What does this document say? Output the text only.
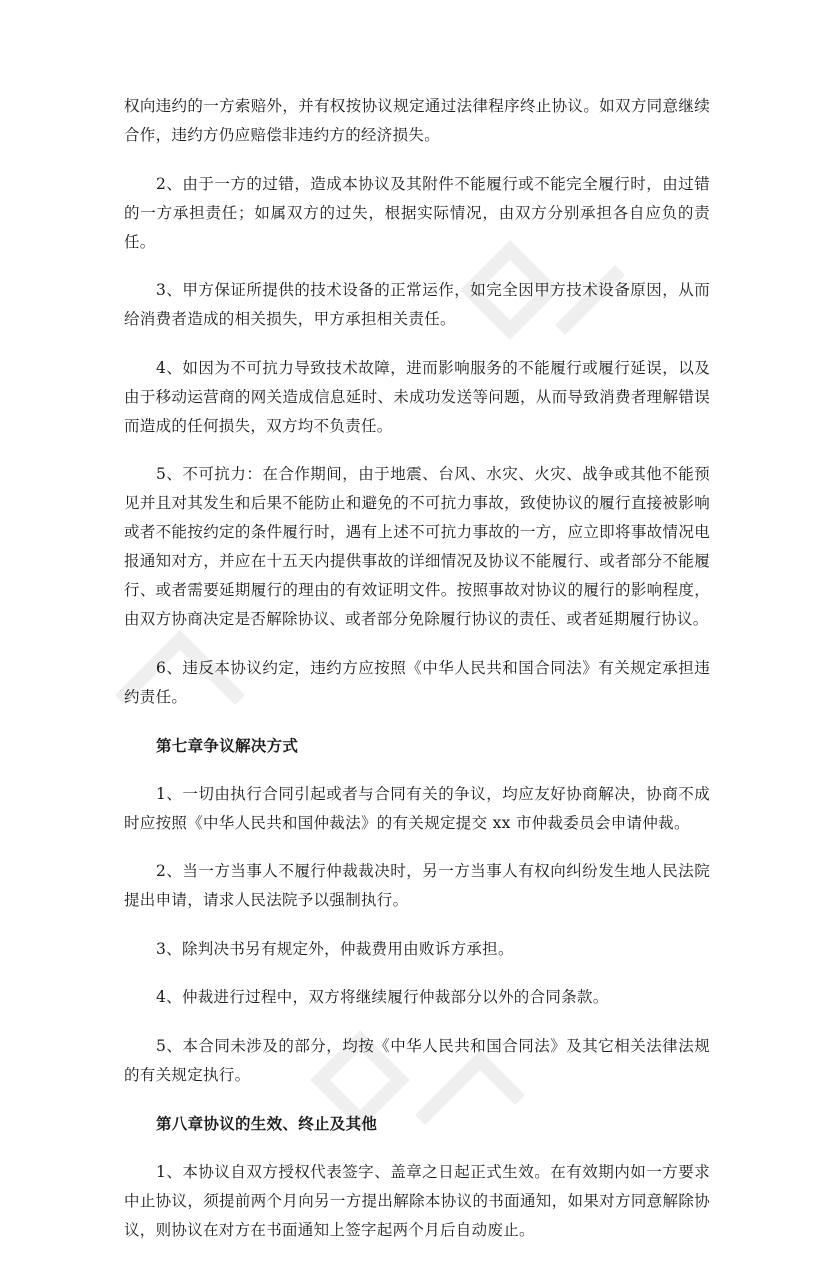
权向违约的一方索赔外，并有权按协议规定通过法律程序终止协议。如双方同意继续合作，违约方仍应赔偿非违约方的经济损失。

2、由于一方的过错，造成本协议及其附件不能履行或不能完全履行时，由过错的一方承担责任；如属双方的过失，根据实际情况，由双方分别承担各自应负的责任。

3、甲方保证所提供的技术设备的正常运作，如完全因甲方技术设备原因，从而给消费者造成的相关损失，甲方承担相关责任。

4、如因为不可抗力导致技术故障，进而影响服务的不能履行或履行延误，以及由于移动运营商的网关造成信息延时、未成功发送等问题，从而导致消费者理解错误而造成的任何损失，双方均不负责任。

5、不可抗力：在合作期间，由于地震、台风、水灾、火灾、战争或其他不能预见并且对其发生和后果不能防止和避免的不可抗力事故，致使协议的履行直接被影响或者不能按约定的条件履行时，遇有上述不可抗力事故的一方，应立即将事故情况电报通知对方，并应在十五天内提供事故的详细情况及协议不能履行、或者部分不能履行、或者需要延期履行的理由的有效证明文件。按照事故对协议的履行的影响程度，由双方协商决定是否解除协议、或者部分免除履行协议的责任、或者延期履行协议。

6、违反本协议约定，违约方应按照《中华人民共和国合同法》有关规定承担违约责任。

第七章争议解决方式

1、一切由执行合同引起或者与合同有关的争议，均应友好协商解决，协商不成时应按照《中华人民共和国仲裁法》的有关规定提交 xx 市仲裁委员会申请仲裁。

2、当一方当事人不履行仲裁裁决时，另一方当事人有权向纠纷发生地人民法院提出申请，请求人民法院予以强制执行。

3、除判决书另有规定外，仲裁费用由败诉方承担。

4、仲裁进行过程中，双方将继续履行仲裁部分以外的合同条款。

5、本合同未涉及的部分，均按《中华人民共和国合同法》及其它相关法律法规的有关规定执行。

第八章协议的生效、终止及其他

1、本协议自双方授权代表签字、盖章之日起正式生效。在有效期内如一方要求中止协议，须提前两个月向另一方提出解除本协议的书面通知，如果对方同意解除协议，则协议在对方在书面通知上签字起两个月后自动废止。
